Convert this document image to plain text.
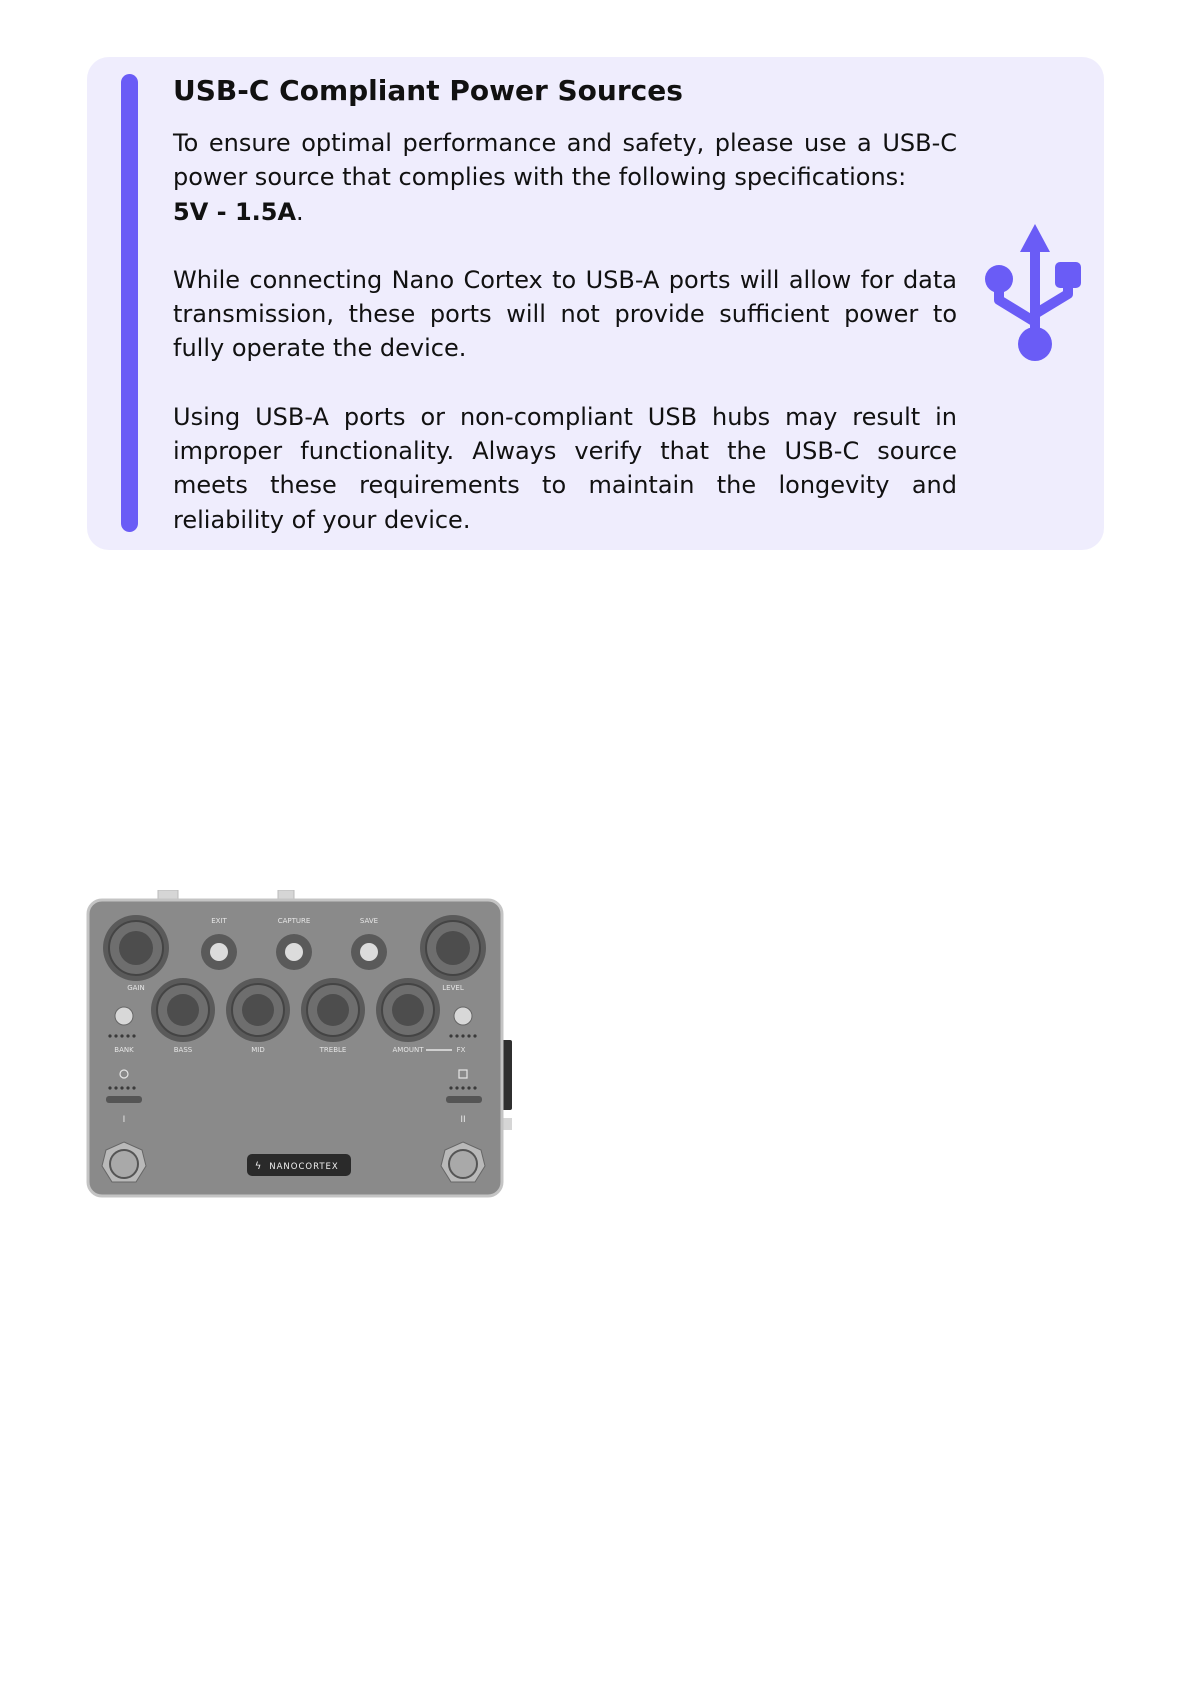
USB-C Compliant Power Sources

To ensure optimal performance and safety, please use a USB-C power source that complies with the following specifications:
5V - 1.5A.

While connecting Nano Cortex to USB-A ports will allow for data transmission, these ports will not provide sufficient power to fully operate the device.

Using USB-A ports or non-compliant USB hubs may result in improper functionality. Always verify that the USB-C source meets these requirements to maintain the longevity and reliability of your device.

EXIT	CAPTURE	SAVE
GAIN	LEVEL
BASS	MID	TREBLE	AMOUNT	FX
BANK
I	II
ϟ NANOCORTEX
